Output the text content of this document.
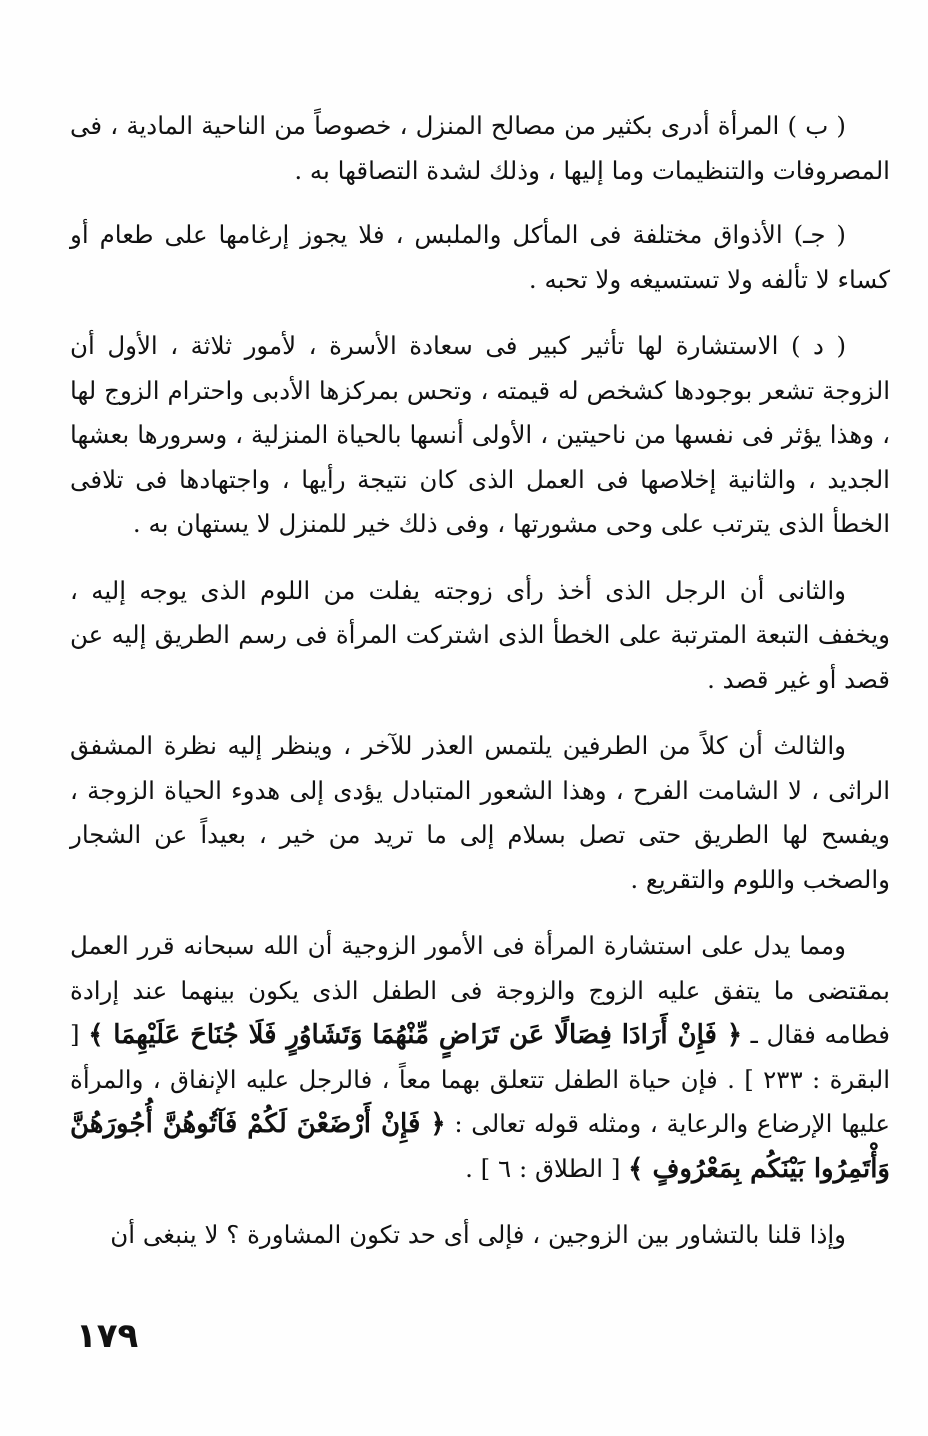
( ب ) المرأة أدرى بكثير من مصالح المنزل ، خصوصاً من الناحية المادية ، فى المصروفات والتنظيمات وما إليها ، وذلك لشدة التصاقها به .

( جـ) الأذواق مختلفة فى المأكل والملبس ، فلا يجوز إرغامها على طعام أو كساء لا تألفه ولا تستسيغه ولا تحبه .

( د ) الاستشارة لها تأثير كبير فى سعادة الأسرة ، لأمور ثلاثة ، الأول أن الزوجة تشعر بوجودها كشخص له قيمته ، وتحس بمركزها الأدبى واحترام الزوج لها ، وهذا يؤثر فى نفسها من ناحيتين ، الأولى أنسها بالحياة المنزلية ، وسرورها بعشها الجديد ، والثانية إخلاصها فى العمل الذى كان نتيجة رأيها ، واجتهادها فى تلافى الخطأ الذى يترتب على وحى مشورتها ، وفى ذلك خير للمنزل لا يستهان به .

والثانى أن الرجل الذى أخذ رأى زوجته يفلت من اللوم الذى يوجه إليه ، ويخفف التبعة المترتبة على الخطأ الذى اشتركت المرأة فى رسم الطريق إليه عن قصد أو غير قصد .

والثالث أن كلاً من الطرفين يلتمس العذر للآخر ، وينظر إليه نظرة المشفق الراثى ، لا الشامت الفرح ، وهذا الشعور المتبادل يؤدى إلى هدوء الحياة الزوجة ، ويفسح لها الطريق حتى تصل بسلام إلى ما تريد من خير ، بعيداً عن الشجار والصخب واللوم والتقريع .

ومما يدل على استشارة المرأة فى الأمور الزوجية أن الله سبحانه قرر العمل بمقتضى ما يتفق عليه الزوج والزوجة فى الطفل الذى يكون بينهما عند إرادة فطامه فقال ـ ﴿ فَإِنْ أَرَادَا فِصَالًا عَن تَرَاضٍ مِّنْهُمَا وَتَشَاوُرٍ فَلَا جُنَاحَ عَلَيْهِمَا ﴾ [ البقرة : ٢٣٣ ] . فإن حياة الطفل تتعلق بهما معاً ، فالرجل عليه الإنفاق ، والمرأة عليها الإرضاع والرعاية ، ومثله قوله تعالى : ﴿ فَإِنْ أَرْضَعْنَ لَكُمْ فَآتُوهُنَّ أُجُورَهُنَّ وَأْتَمِرُوا بَيْنَكُم بِمَعْرُوفٍ ﴾ [ الطلاق : ٦ ] .

وإذا قلنا بالتشاور بين الزوجين ، فإلى أى حد تكون المشاورة ؟ لا ينبغى أن

١٧٩
